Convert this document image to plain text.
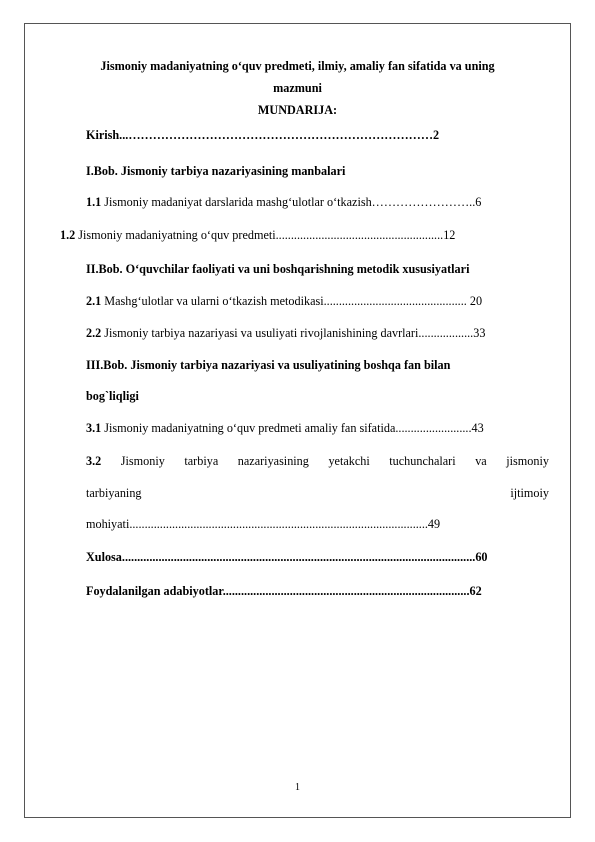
Jismoniy madaniyatning o‘quv predmeti, ilmiy, amaliy fan sifatida va uning
mazmuni
MUNDARIJA:
Kirish...…………………………………………………………………2
I.Bob. Jismoniy tarbiya nazariyasining manbalari
1.1 Jismoniy madaniyat darslarida mashg‘ulotlar o‘tkazish……………………..6
1.2 Jismoniy madaniyatning o‘quv predmeti.......................................................12
II.Bob. O‘quvchilar faoliyati va uni boshqarishning metodik xususiyatlari
2.1 Mashg‘ulotlar va ularni o‘tkazish metodikasi............................................... 20
2.2 Jismoniy tarbiya nazariyasi va usuliyati rivojlanishining davrlari..................33
III.Bob. Jismoniy tarbiya nazariyasi va usuliyatining boshqa fan bilan
bog`liqligi
3.1 Jismoniy madaniyatning o‘quv predmeti amaliy fan sifatida.........................43
3.2 Jismoniy tarbiya nazariyasining yetakchi tuchunchalari va jismoniy
tarbiyaning	ijtimoiy
mohiyati..................................................................................................49
Xulosa....................................................................................................................60
Foydalanilgan adabiyotlar.................................................................................62
1
